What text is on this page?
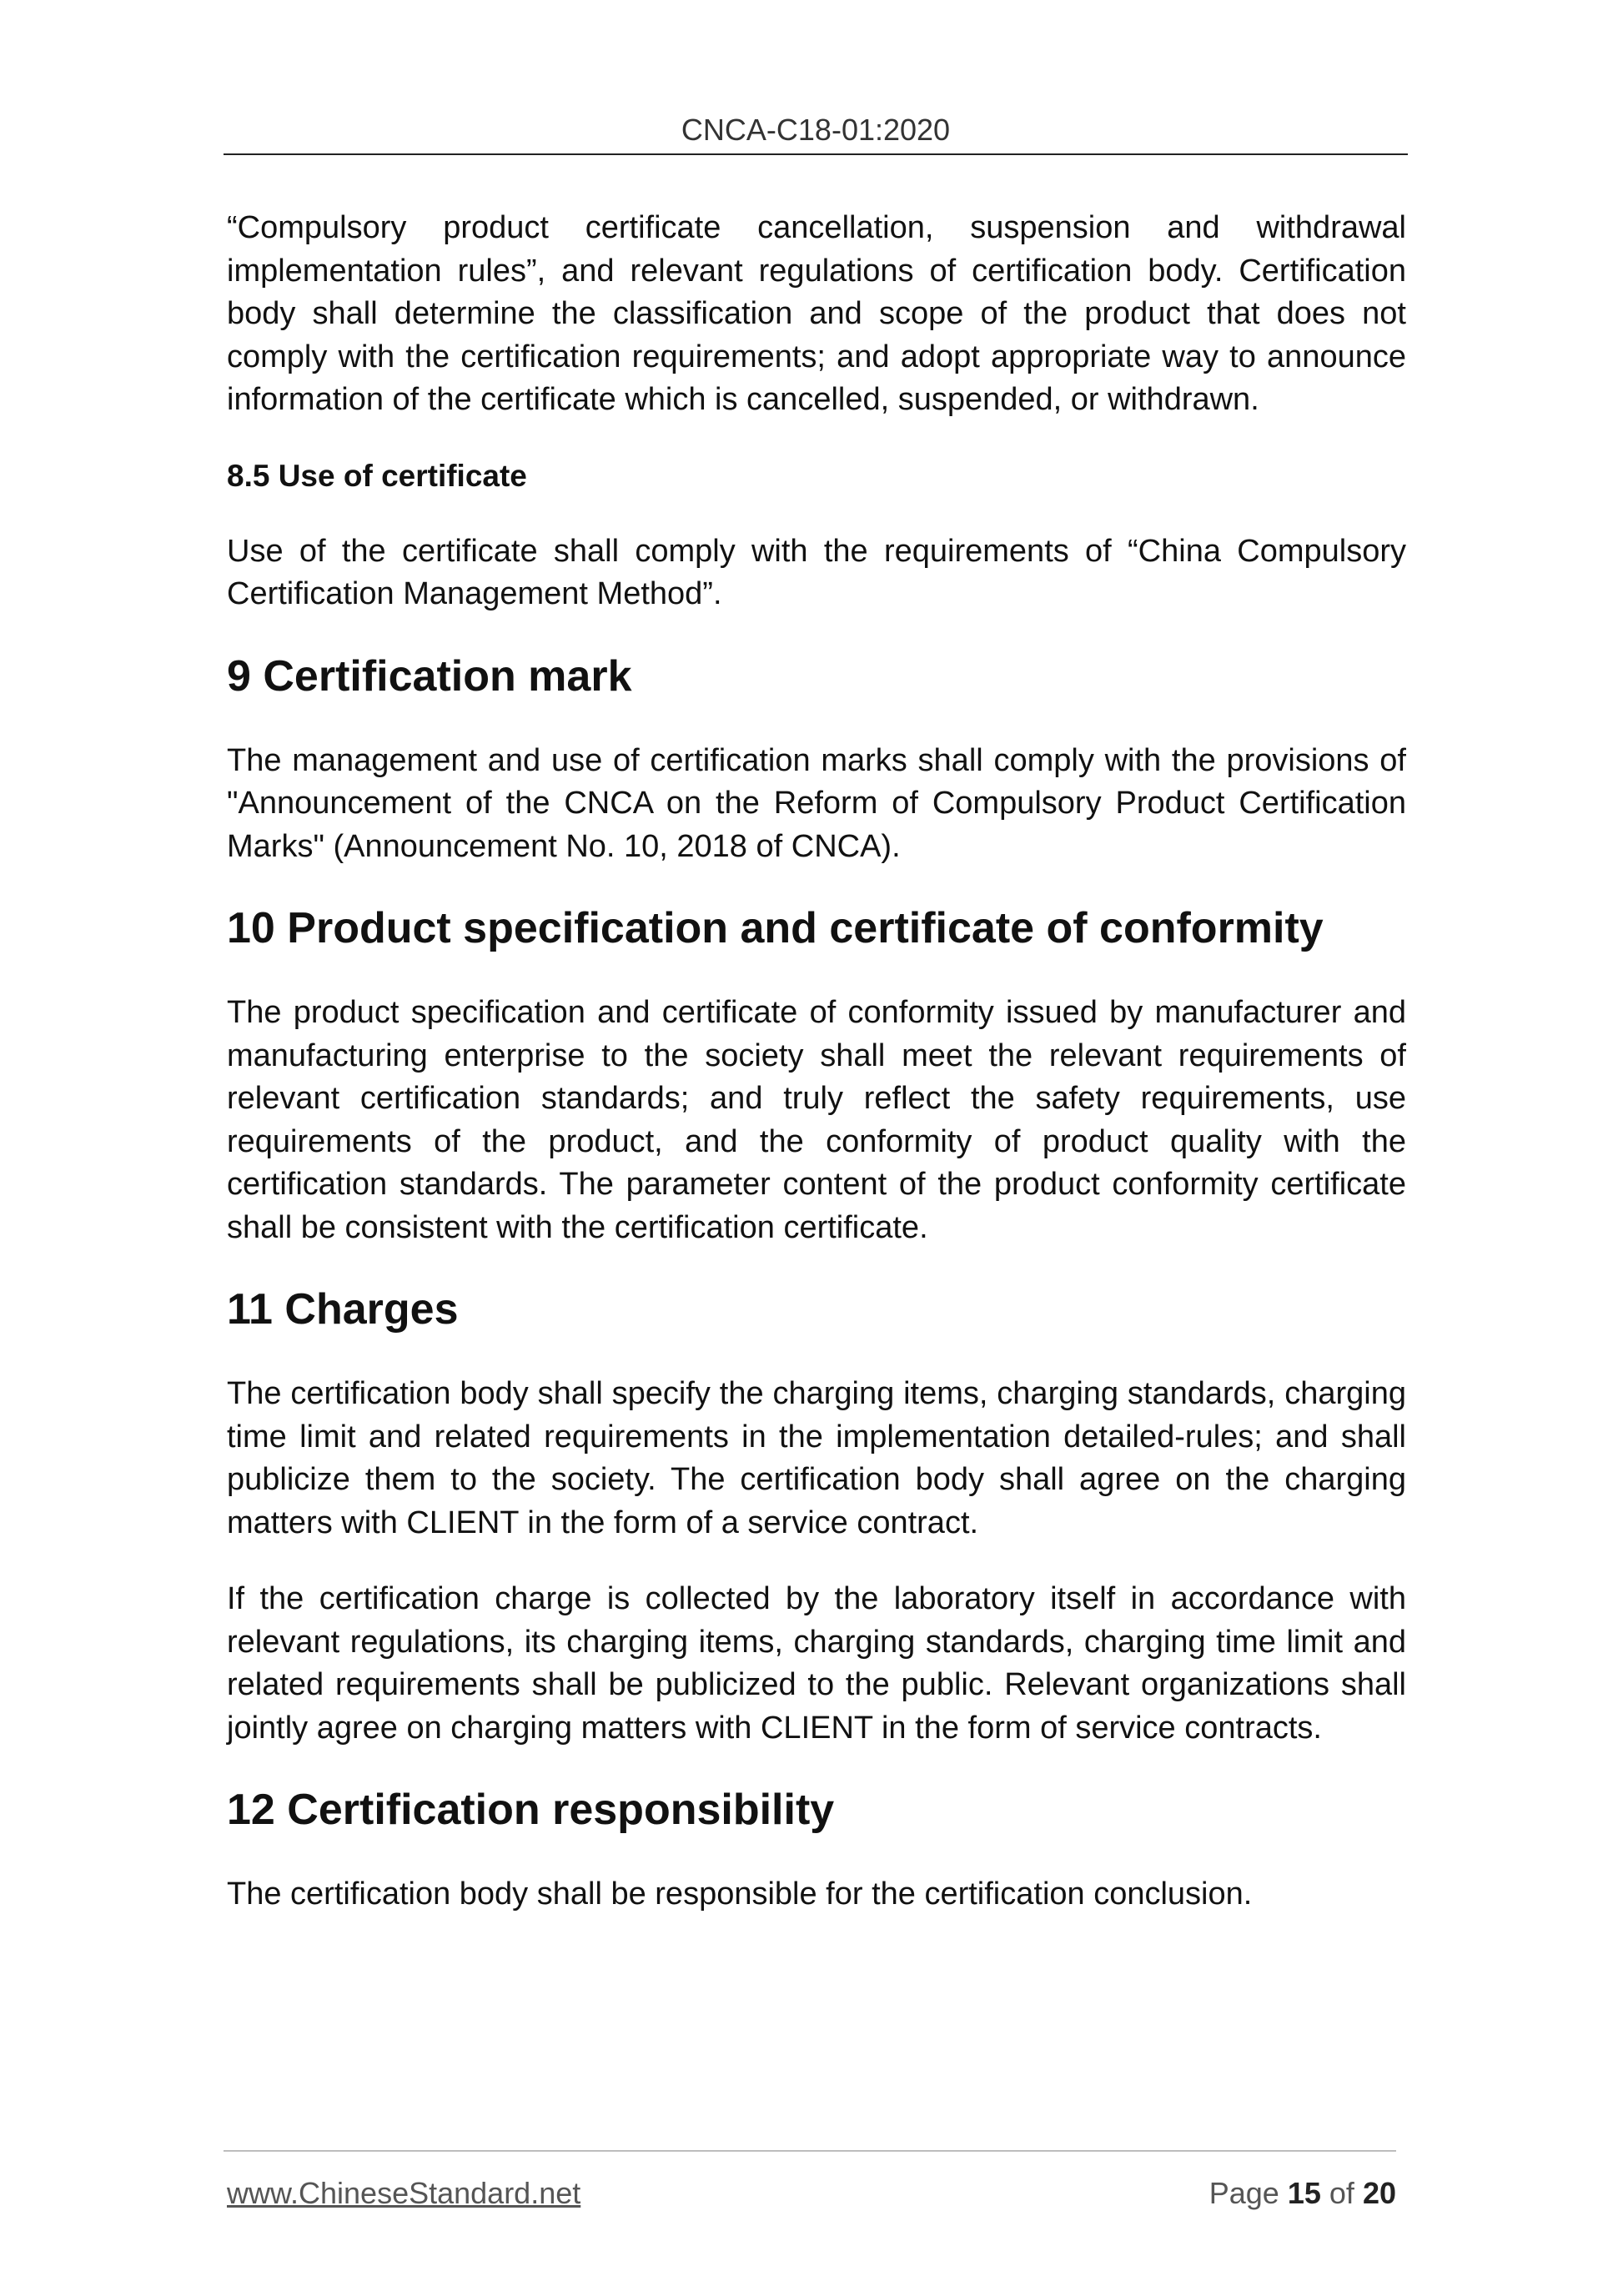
CNCA-C18-01:2020

“Compulsory product certificate cancellation, suspension and withdrawal implementation rules”, and relevant regulations of certification body. Certification body shall determine the classification and scope of the product that does not comply with the certification requirements; and adopt appropriate way to announce information of the certificate which is cancelled, suspended, or withdrawn.

8.5 Use of certificate

Use of the certificate shall comply with the requirements of “China Compulsory Certification Management Method”.

9 Certification mark

The management and use of certification marks shall comply with the provisions of "Announcement of the CNCA on the Reform of Compulsory Product Certification Marks" (Announcement No. 10, 2018 of CNCA).

10 Product specification and certificate of conformity

The product specification and certificate of conformity issued by manufacturer and manufacturing enterprise to the society shall meet the relevant requirements of relevant certification standards; and truly reflect the safety requirements, use requirements of the product, and the conformity of product quality with the certification standards. The parameter content of the product conformity certificate shall be consistent with the certification certificate.

11 Charges

The certification body shall specify the charging items, charging standards, charging time limit and related requirements in the implementation detailed-rules; and shall publicize them to the society. The certification body shall agree on the charging matters with CLIENT in the form of a service contract.

If the certification charge is collected by the laboratory itself in accordance with relevant regulations, its charging items, charging standards, charging time limit and related requirements shall be publicized to the public. Relevant organizations shall jointly agree on charging matters with CLIENT in the form of service contracts.

12 Certification responsibility

The certification body shall be responsible for the certification conclusion.

www.ChineseStandard.net	Page 15 of 20
